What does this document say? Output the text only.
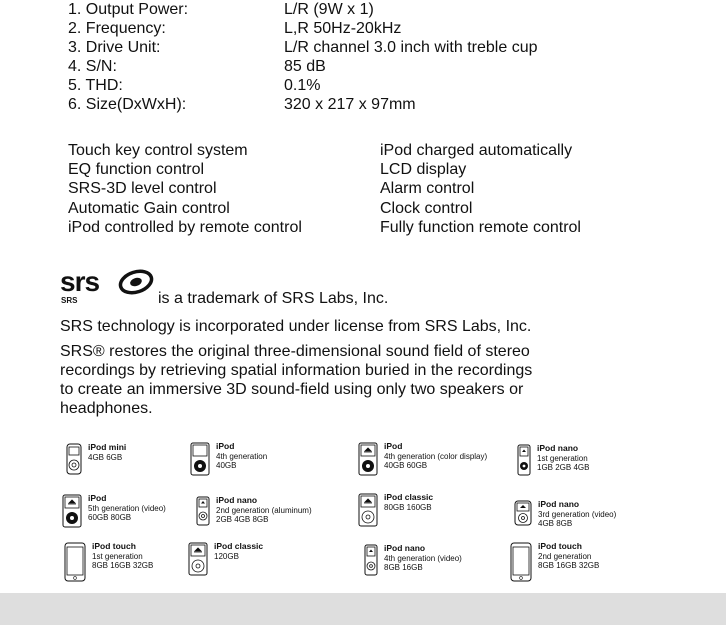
1. Output Power:	L/R (9W x 1)
2. Frequency:	L,R 50Hz-20kHz
3. Drive Unit:	L/R channel 3.0 inch with treble cup
4. S/N:	85 dB
5. THD:	0.1%
6. Size(DxWxH):	320 x 217 x 97mm
Touch key control system
EQ function control
SRS-3D level control
Automatic Gain control
iPod controlled by remote control
iPod charged automatically
LCD display
Alarm control
Clock control
Fully function remote control
srs
SRS	is a trademark of SRS Labs, Inc.
SRS technology is incorporated under license from SRS Labs, Inc.
SRS® restores the original three-dimensional sound field of stereo
recordings by retrieving spatial information buried in the recordings
to create an immersive 3D sound-field using only two speakers or
headphones.
iPod mini
4GB 6GB
iPod
4th generation
40GB
iPod
4th generation (color display)
40GB 60GB
iPod nano
1st generation
1GB 2GB 4GB
iPod
5th generation (video)
60GB 80GB
iPod nano
2nd generation (aluminum)
2GB 4GB 8GB
iPod classic
80GB 160GB	iPod nano
3rd generation (video)
4GB 8GB
iPod touch
1st generation
8GB 16GB 32GB
iPod classic
120GB
iPod nano
4th generation (video)
8GB 16GB
iPod touch
2nd generation
8GB 16GB 32GB
